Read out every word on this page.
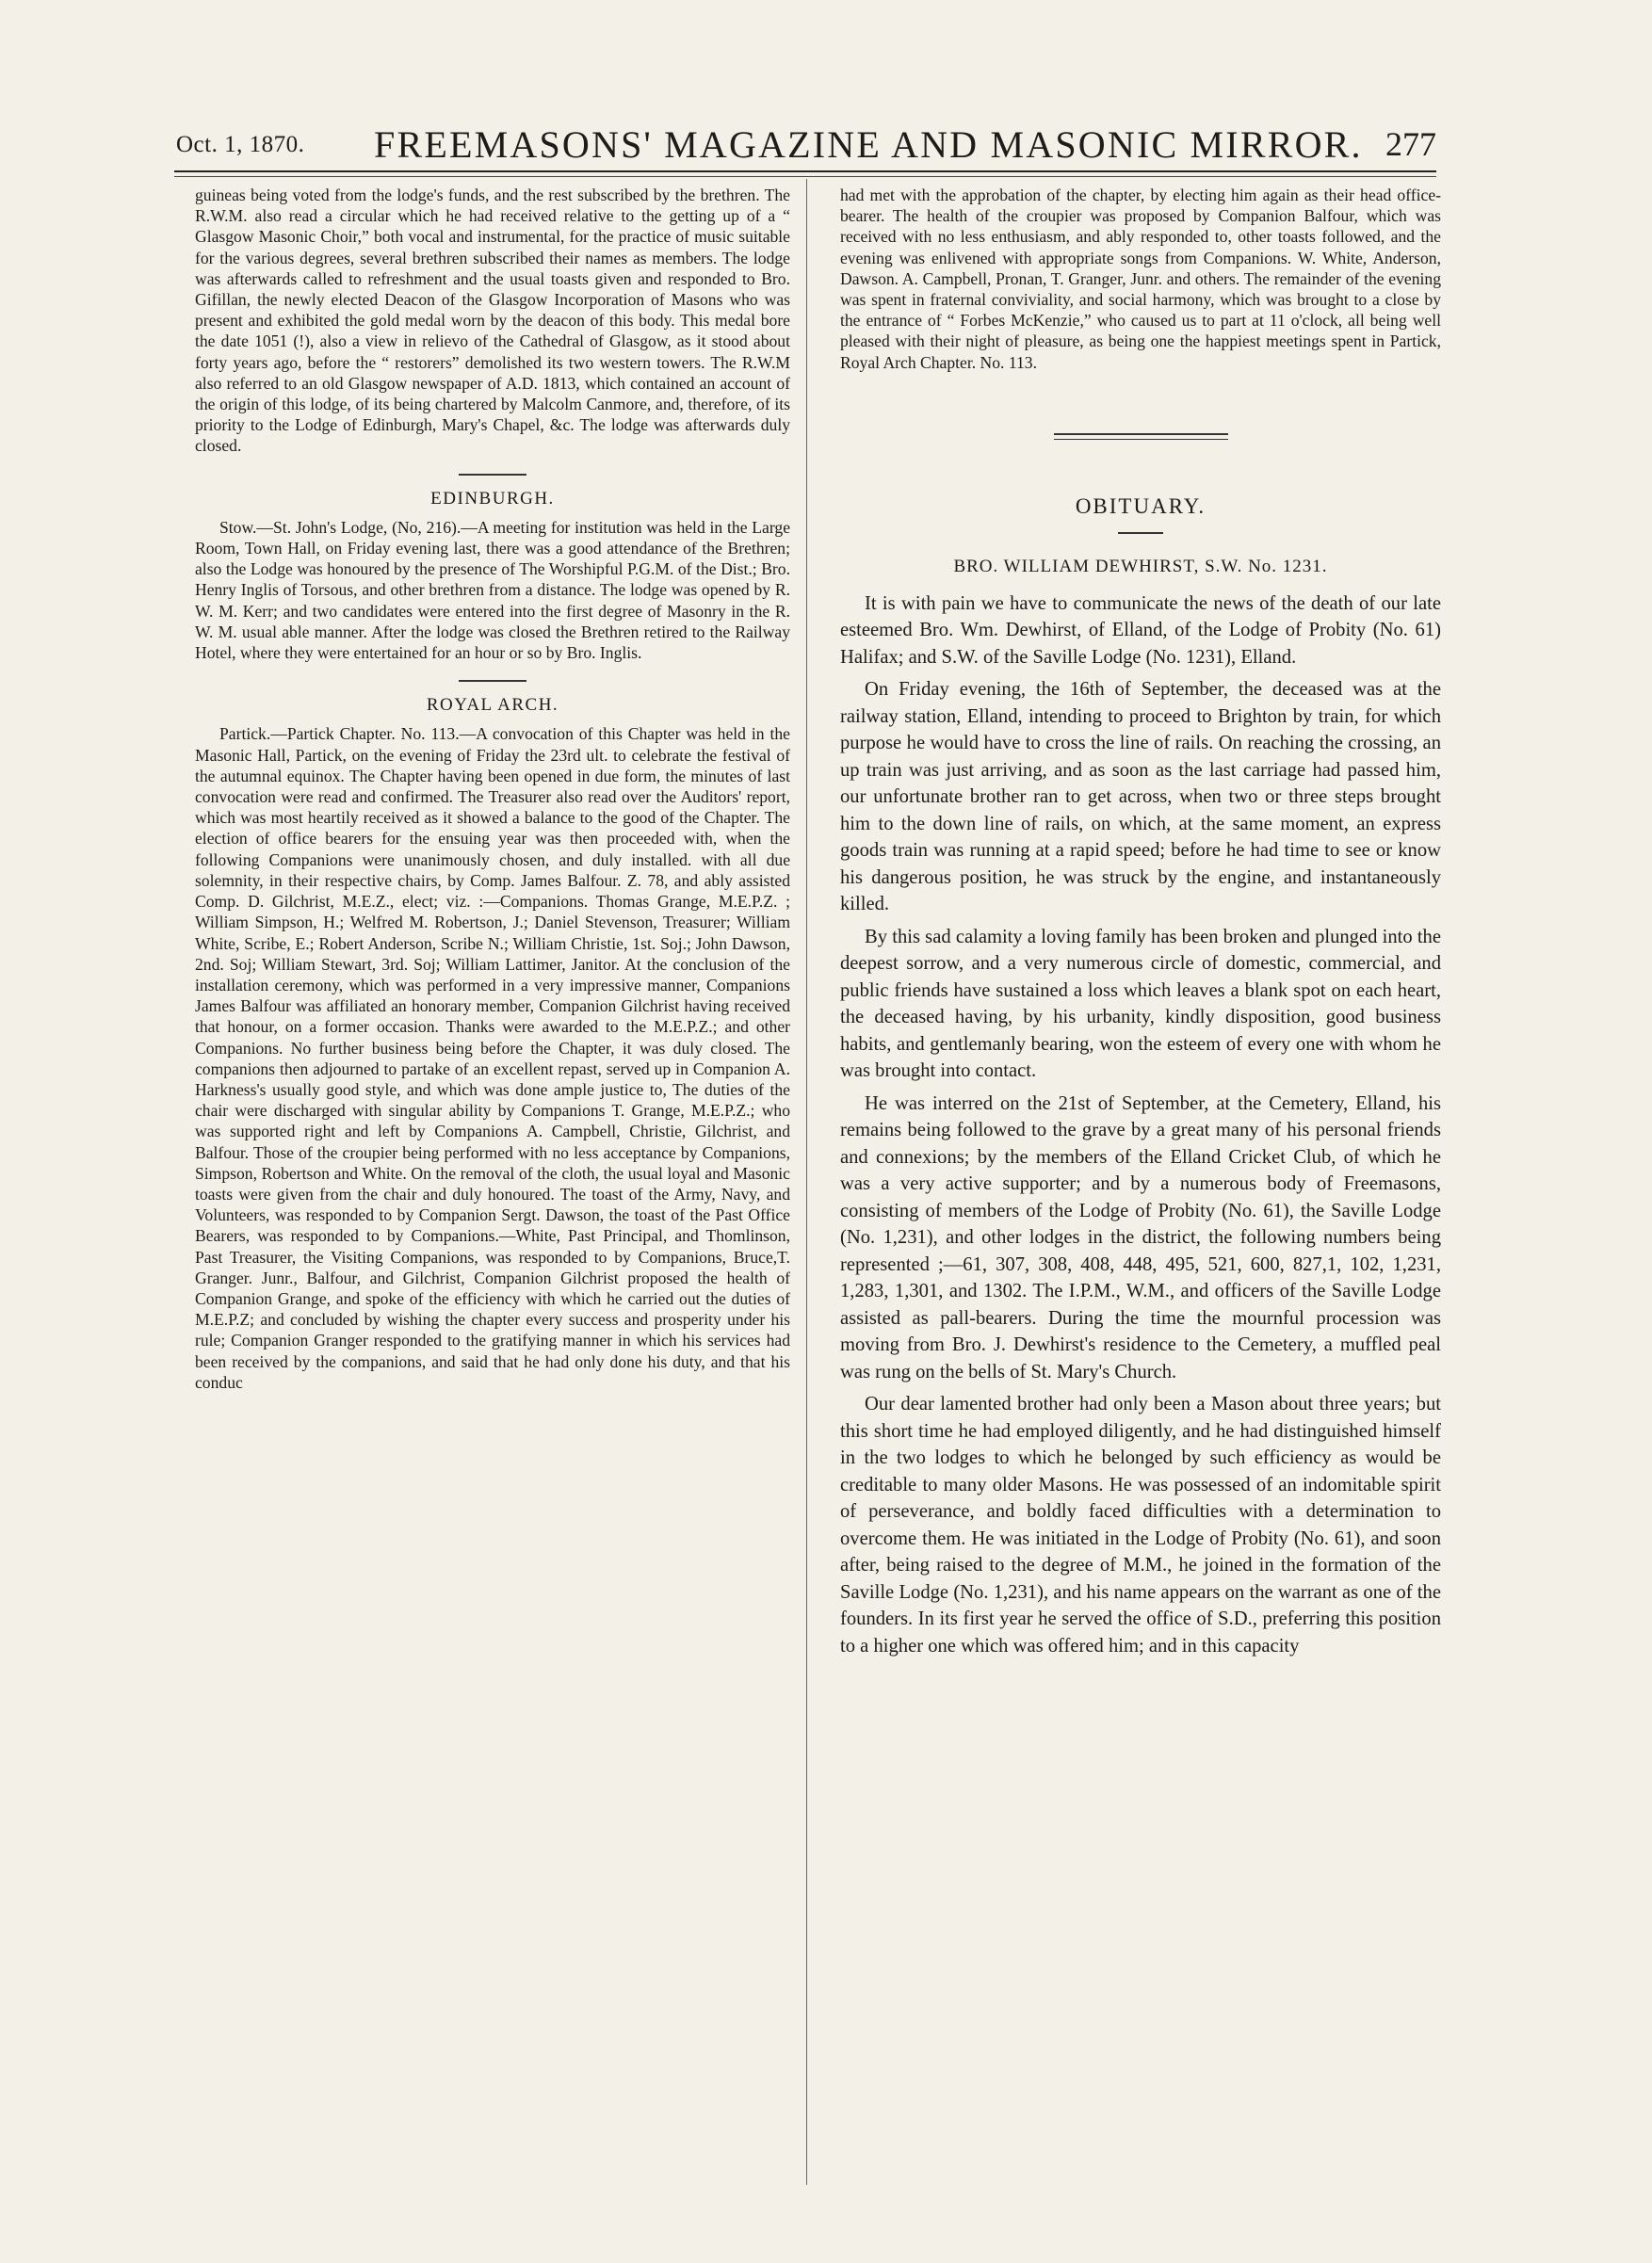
Oct. 1, 1870. FREEMASONS' MAGAZINE AND MASONIC MIRROR. 277

guineas being voted from the lodge's funds, and the rest subscribed by the brethren. The R.W.M. also read a circular which he had received relative to the getting up of a “ Glasgow Masonic Choir,” both vocal and instrumental, for the practice of music suitable for the various degrees, several brethren subscribed their names as members. The lodge was afterwards called to refreshment and the usual toasts given and responded to Bro. Gifillan, the newly elected Deacon of the Glasgow Incorporation of Masons who was present and exhibited the gold medal worn by the deacon of this body. This medal bore the date 1051 (!), also a view in relievo of the Cathedral of Glasgow, as it stood about forty years ago, before the “ restorers” demolished its two western towers. The R.W.M also referred to an old Glasgow newspaper of A.D. 1813, which contained an account of the origin of this lodge, of its being chartered by Malcolm Canmore, and, therefore, of its priority to the Lodge of Edinburgh, Mary's Chapel, &c. The lodge was afterwards duly closed.

EDINBURGH.

Stow.—St. John's Lodge, (No, 216).—A meeting for institution was held in the Large Room, Town Hall, on Friday evening last, there was a good attendance of the Brethren; also the Lodge was honoured by the presence of The Worshipful P.G.M. of the Dist.; Bro. Henry Inglis of Torsous, and other brethren from a distance. The lodge was opened by R. W. M. Kerr; and two candidates were entered into the first degree of Masonry in the R. W. M. usual able manner. After the lodge was closed the Brethren retired to the Railway Hotel, where they were entertained for an hour or so by Bro. Inglis.

ROYAL ARCH.

Partick.—Partick Chapter. No. 113.—A convocation of this Chapter was held in the Masonic Hall, Partick, on the evening of Friday the 23rd ult. to celebrate the festival of the autumnal equinox. The Chapter having been opened in due form, the minutes of last convocation were read and confirmed. The Treasurer also read over the Auditors' report, which was most heartily received as it showed a balance to the good of the Chapter. The election of office bearers for the ensuing year was then proceeded with, when the following Companions were unanimously chosen, and duly installed. with all due solemnity, in their respective chairs, by Comp. James Balfour. Z. 78, and ably assisted Comp. D. Gilchrist, M.E.Z., elect; viz. :—Companions. Thomas Grange, M.E.P.Z. ; William Simpson, H.; Welfred M. Robertson, J.; Daniel Stevenson, Treasurer; William White, Scribe, E.; Robert Anderson, Scribe N.; William Christie, 1st. Soj.; John Dawson, 2nd. Soj; William Stewart, 3rd. Soj; William Lattimer, Janitor. At the conclusion of the installation ceremony, which was performed in a very impressive manner, Companions James Balfour was affiliated an honorary member, Companion Gilchrist having received that honour, on a former occasion. Thanks were awarded to the M.E.P.Z.; and other Companions. No further business being before the Chapter, it was duly closed. The companions then adjourned to partake of an excellent repast, served up in Companion A. Harkness's usually good style, and which was done ample justice to, The duties of the chair were discharged with singular ability by Companions T. Grange, M.E.P.Z.; who was supported right and left by Companions A. Campbell, Christie, Gilchrist, and Balfour. Those of the croupier being performed with no less acceptance by Companions, Simpson, Robertson and White. On the removal of the cloth, the usual loyal and Masonic toasts were given from the chair and duly honoured. The toast of the Army, Navy, and Volunteers, was responded to by Companion Sergt. Dawson, the toast of the Past Office Bearers, was responded to by Companions.—White, Past Principal, and Thomlinson, Past Treasurer, the Visiting Companions, was responded to by Companions, Bruce,T. Granger. Junr., Balfour, and Gilchrist, Companion Gilchrist proposed the health of Companion Grange, and spoke of the efficiency with which he carried out the duties of M.E.P.Z; and concluded by wishing the chapter every success and prosperity under his rule; Companion Granger responded to the gratifying manner in which his services had been received by the companions, and said that he had only done his duty, and that his conduc

had met with the approbation of the chapter, by electing him again as their head office-bearer. The health of the croupier was proposed by Companion Balfour, which was received with no less enthusiasm, and ably responded to, other toasts followed, and the evening was enlivened with appropriate songs from Companions. W. White, Anderson, Dawson. A. Campbell, Pronan, T. Granger, Junr. and others. The remainder of the evening was spent in fraternal conviviality, and social harmony, which was brought to a close by the entrance of “ Forbes McKenzie,” who caused us to part at 11 o'clock, all being well pleased with their night of pleasure, as being one the happiest meetings spent in Partick, Royal Arch Chapter. No. 113.

OBITUARY.
BRO. WILLIAM DEWHIRST, S.W. No. 1231.

It is with pain we have to communicate the news of the death of our late esteemed Bro. Wm. Dewhirst, of Elland, of the Lodge of Probity (No. 61) Halifax; and S.W. of the Saville Lodge (No. 1231), Elland.

On Friday evening, the 16th of September, the deceased was at the railway station, Elland, intending to proceed to Brighton by train, for which purpose he would have to cross the line of rails. On reaching the crossing, an up train was just arriving, and as soon as the last carriage had passed him, our unfortunate brother ran to get across, when two or three steps brought him to the down line of rails, on which, at the same moment, an express goods train was running at a rapid speed; before he had time to see or know his dangerous position, he was struck by the engine, and instantaneously killed.

By this sad calamity a loving family has been broken and plunged into the deepest sorrow, and a very numerous circle of domestic, commercial, and public friends have sustained a loss which leaves a blank spot on each heart, the deceased having, by his urbanity, kindly disposition, good business habits, and gentlemanly bearing, won the esteem of every one with whom he was brought into contact.

He was interred on the 21st of September, at the Cemetery, Elland, his remains being followed to the grave by a great many of his personal friends and connexions; by the members of the Elland Cricket Club, of which he was a very active supporter; and by a numerous body of Freemasons, consisting of members of the Lodge of Probity (No. 61), the Saville Lodge (No. 1,231), and other lodges in the district, the following numbers being represented ;—61, 307, 308, 408, 448, 495, 521, 600, 827,1, 102, 1,231, 1,283, 1,301, and 1302. The I.P.M., W.M., and officers of the Saville Lodge assisted as pall-bearers. During the time the mournful procession was moving from Bro. J. Dewhirst's residence to the Cemetery, a muffled peal was rung on the bells of St. Mary's Church.

Our dear lamented brother had only been a Mason about three years; but this short time he had employed diligently, and he had distinguished himself in the two lodges to which he belonged by such efficiency as would be creditable to many older Masons. He was possessed of an indomitable spirit of perseverance, and boldly faced difficulties with a determination to overcome them. He was initiated in the Lodge of Probity (No. 61), and soon after, being raised to the degree of M.M., he joined in the formation of the Saville Lodge (No. 1,231), and his name appears on the warrant as one of the founders. In its first year he served the office of S.D., preferring this position to a higher one which was offered him; and in this capacity
